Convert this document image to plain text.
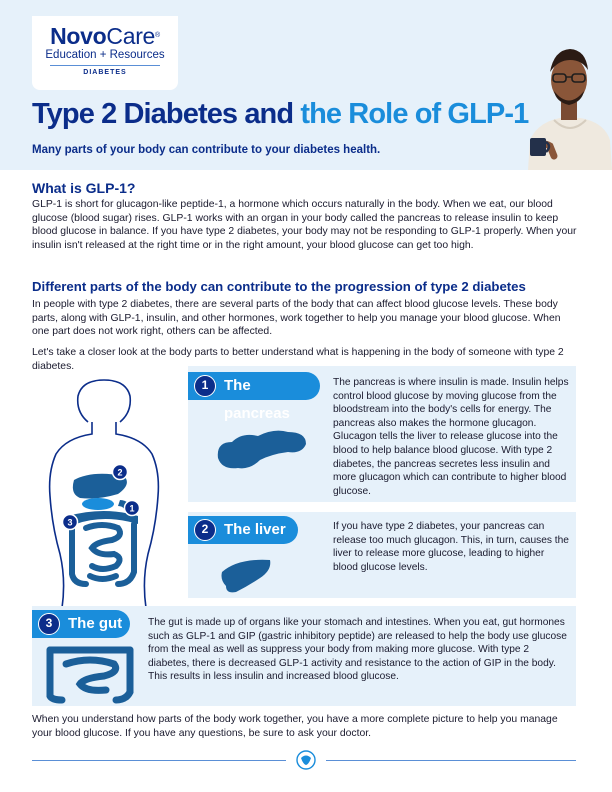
NovoCare®
Education + Resources
DIABETES
Type 2 Diabetes and the Role of GLP-1
Many parts of your body can contribute to your diabetes health.
What is GLP-1?
GLP-1 is short for glucagon-like peptide-1, a hormone which occurs naturally in the body. When we eat, our blood glucose (blood sugar) rises. GLP-1 works with an organ in your body called the pancreas to release insulin to keep blood glucose in balance. If you have type 2 diabetes, your body may not be responding to GLP-1 properly. When your insulin isn't released at the right time or in the right amount, your blood glucose can get too high.
Different parts of the body can contribute to the progression of type 2 diabetes
In people with type 2 diabetes, there are several parts of the body that can affect blood glucose levels. These body parts, along with GLP-1, insulin, and other hormones, work together to help you manage your blood glucose. When one part does not work right, others can be affected.
Let's take a closer look at the body parts to better understand what is happening in the body of someone with type 2 diabetes.
2
1
3
1	The pancreas
The pancreas is where insulin is made. Insulin helps control blood glucose by moving glucose from the bloodstream into the body's cells for energy. The pancreas also makes the hormone glucagon. Glucagon tells the liver to release glucose into the blood to help balance blood glucose. With type 2 diabetes, the pancreas secretes less insulin and more glucagon which can contribute to higher blood glucose.
2	The liver	If you have type 2 diabetes, your pancreas can release too much glucagon. This, in turn, causes the liver to release more glucose, leading to higher blood glucose levels.
3	The gut	The gut is made up of organs like your stomach and intestines. When you eat, gut hormones such as GLP-1 and GIP (gastric inhibitory peptide) are released to help the body use glucose from the meal as well as suppress your body from making more glucose. With type 2 diabetes, there is decreased GLP-1 activity and resistance to the action of GIP in the body. This results in less insulin and increased blood glucose.
When you understand how parts of the body work together, you have a more complete picture to help you manage your blood glucose. If you have any questions, be sure to ask your doctor.
